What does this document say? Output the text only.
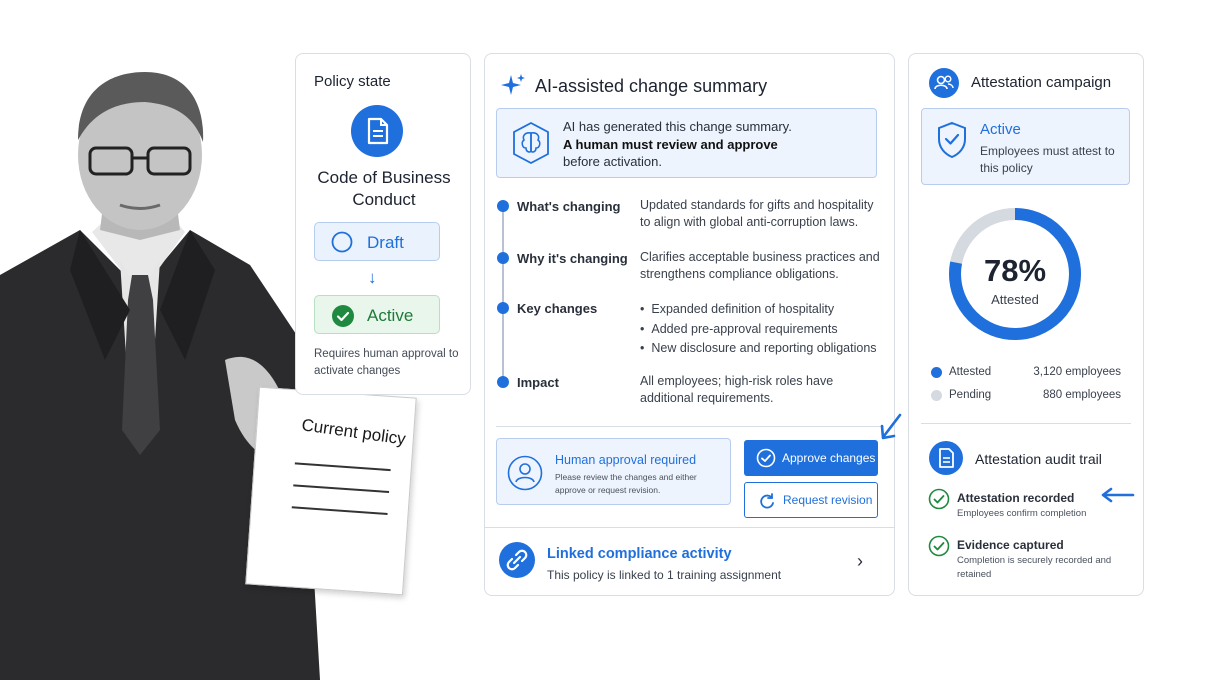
Current policy
Policy state
Code of Business Conduct
Draft
↓
Active
Requires human approval to activate changes
AI-assisted change summary
AI has generated this change summary.
A human must review and approve
before activation.
What's changing Updated standards for gifts and hospitality to align with global anti-corruption laws.
Why it's changing Clarifies acceptable business practices and strengthens compliance obligations.
Key changes
•	Expanded definition of hospitality
• Added pre-approval requirements
• New disclosure and reporting obligations
Impact	All employees; high-risk roles have additional requirements.
Human approval required
Please review the changes and either approve or request revision.
Approve changes
Request revision
Linked compliance activity
This policy is linked to 1 training assignment
›
Attestation campaign
Active
Employees must attest to this policy
78%
Attested
Attested	3,120 employees
Pending	880 employees
Attestation audit trail
Attestation recorded
Employees confirm completion
Evidence captured
Completion is securely recorded and retained
